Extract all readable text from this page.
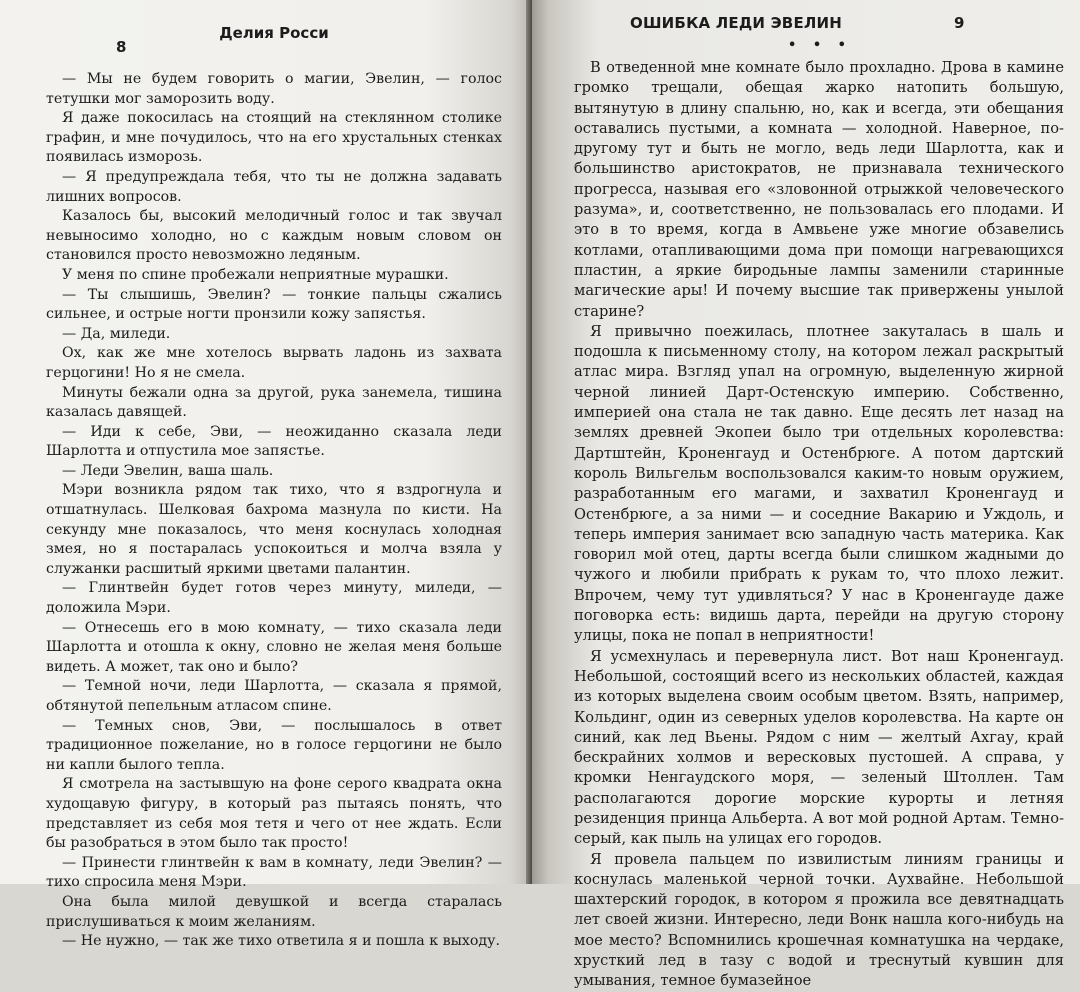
Делия Росси
8

— Мы не будем говорить о магии, Эвелин, — голос тетушки мог заморозить воду.

Я даже покосилась на стоящий на стеклянном столике графин, и мне почудилось, что на его хрустальных стенках появилась изморозь.

— Я предупреждала тебя, что ты не должна задавать лишних вопросов.

Казалось бы, высокий мелодичный голос и так звучал невыносимо холодно, но с каждым новым словом он становился просто невозможно ледяным.

У меня по спине пробежали неприятные мурашки.

— Ты слышишь, Эвелин? — тонкие пальцы сжались сильнее, и острые ногти пронзили кожу запястья.

— Да, миледи.

Ох, как же мне хотелось вырвать ладонь из захвата герцогини! Но я не смела.

Минуты бежали одна за другой, рука занемела, тишина казалась давящей.

— Иди к себе, Эви, — неожиданно сказала леди Шарлотта и отпустила мое запястье.

— Леди Эвелин, ваша шаль.

Мэри возникла рядом так тихо, что я вздрогнула и отшатнулась. Шелковая бахрома мазнула по кисти. На секунду мне показалось, что меня коснулась холодная змея, но я постаралась успокоиться и молча взяла у служанки расшитый яркими цветами палантин.

— Глинтвейн будет готов через минуту, миледи, — доложила Мэри.

— Отнесешь его в мою комнату, — тихо сказала леди Шарлотта и отошла к окну, словно не желая меня больше видеть. А может, так оно и было?

— Темной ночи, леди Шарлотта, — сказала я прямой, обтянутой пепельным атласом спине.

— Темных снов, Эви, — послышалось в ответ традиционное пожелание, но в голосе герцогини не было ни капли былого тепла.

Я смотрела на застывшую на фоне серого квадрата окна худощавую фигуру, в который раз пытаясь понять, что представляет из себя моя тетя и чего от нее ждать. Если бы разобраться в этом было так просто!

— Принести глинтвейн к вам в комнату, леди Эвелин? — тихо спросила меня Мэри.

Она была милой девушкой и всегда старалась прислушиваться к моим желаниям.

— Не нужно, — так же тихо ответила я и пошла к выходу.

ОШИБКА ЛЕДИ ЭВЕЛИН	9
• • •

В отведенной мне комнате было прохладно. Дрова в камине громко трещали, обещая жарко натопить большую, вытянутую в длину спальню, но, как и всегда, эти обещания оставались пустыми, а комната — холодной. Наверное, по-другому тут и быть не могло, ведь леди Шарлотта, как и большинство аристократов, не признавала технического прогресса, называя его «зловонной отрыжкой человеческого разума», и, соответственно, не пользовалась его плодами. И это в то время, когда в Амвьене уже многие обзавелись котлами, отапливающими дома при помощи нагревающихся пластин, а яркие биродьные лампы заменили старинные магические ары! И почему высшие так привержены унылой старине?

Я привычно поежилась, плотнее закуталась в шаль и подошла к письменному столу, на котором лежал раскрытый атлас мира. Взгляд упал на огромную, выделенную жирной черной линией Дарт-Остенскую империю. Собственно, империей она стала не так давно. Еще десять лет назад на землях древней Экопеи было три отдельных королевства: Дартштейн, Кроненгауд и Остенбрюге. А потом дартский король Вильгельм воспользовался каким-то новым оружием, разработанным его магами, и захватил Кроненгауд и Остенбрюге, а за ними — и соседние Вакарию и Уждоль, и теперь империя занимает всю западную часть материка. Как говорил мой отец, дарты всегда были слишком жадными до чужого и любили прибрать к рукам то, что плохо лежит. Впрочем, чему тут удивляться? У нас в Кроненгауде даже поговорка есть: видишь дарта, перейди на другую сторону улицы, пока не попал в неприятности!

Я усмехнулась и перевернула лист. Вот наш Кроненгауд. Небольшой, состоящий всего из нескольких областей, каждая из которых выделена своим особым цветом. Взять, например, Кольдинг, один из северных уделов королевства. На карте он синий, как лед Вьены. Рядом с ним — желтый Ахгау, край бескрайних холмов и вересковых пустошей. А справа, у кромки Ненгаудского моря, — зеленый Штоллен. Там располагаются дорогие морские курорты и летняя резиденция принца Альберта. А вот мой родной Артам. Темно-серый, как пыль на улицах его городов.

Я провела пальцем по извилистым линиям границы и коснулась маленькой черной точки. Аухвайне. Небольшой шахтерский городок, в котором я прожила все девятнадцать лет своей жизни. Интересно, леди Вонк нашла кого-нибудь на мое место? Вспомнились крошечная комнатушка на чердаке, хрусткий лед в тазу с водой и треснутый кувшин для умывания, темное бумазейное
